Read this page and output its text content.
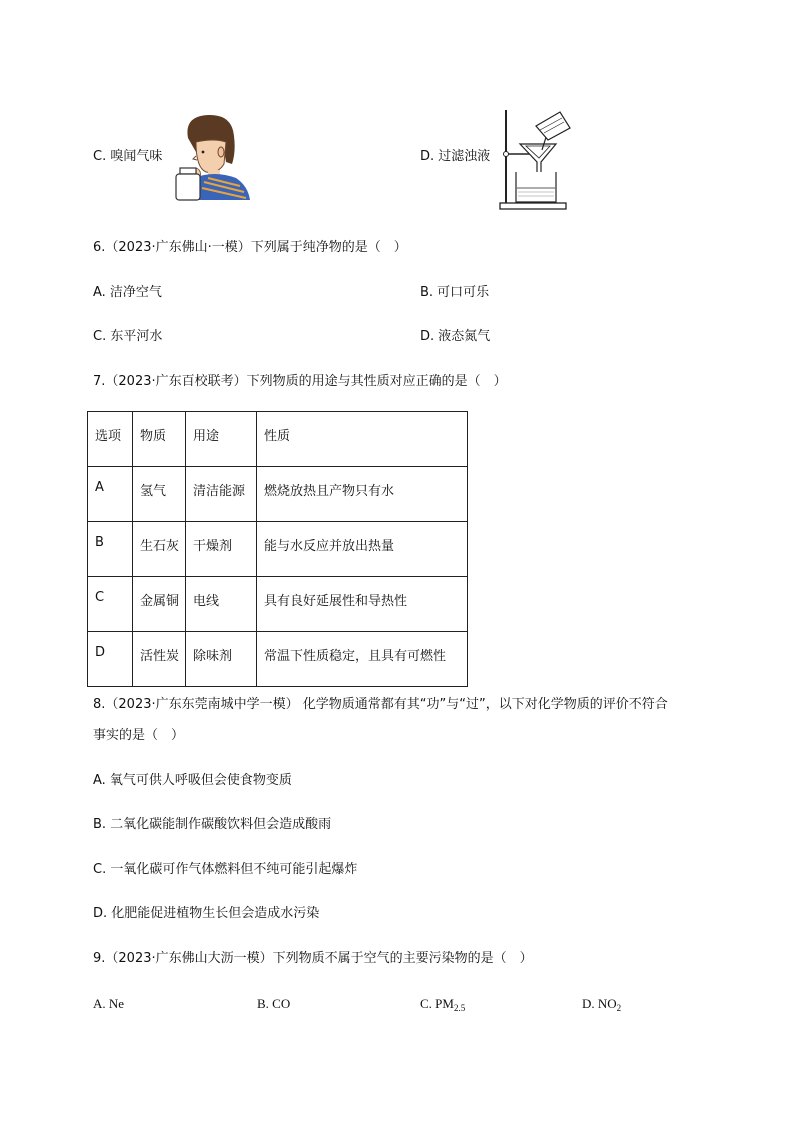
C. 嗅闻气味	D. 过滤浊液
6.（2023·广东佛山·一模）下列属于纯净物的是（　）
A. 洁净空气	B. 可口可乐
C. 东平河水	D. 液态氮气
7.（2023·广东百校联考）下列物质的用途与其性质对应正确的是（　）
选项	物质	用途	性质

A	氢气	清洁能源	燃烧放热且产物只有水

B	生石灰	干燥剂	能与水反应并放出热量

C	金属铜	电线	具有良好延展性和导热性

D	活性炭	除味剂	常温下性质稳定，且具有可燃性
8.（2023·广东东莞南城中学一模） 化学物质通常都有其“功”与“过”，以下对化学物质的评价不符合
事实的是（　）
A. 氧气可供人呼吸但会使食物变质
B. 二氧化碳能制作碳酸饮料但会造成酸雨
C. 一氧化碳可作气体燃料但不纯可能引起爆炸
D. 化肥能促进植物生长但会造成水污染
9.（2023·广东佛山大沥一模）下列物质不属于空气的主要污染物的是（　）
A. Ne	B. CO	C. $PM_{2.5}$	D. $NO_2$
